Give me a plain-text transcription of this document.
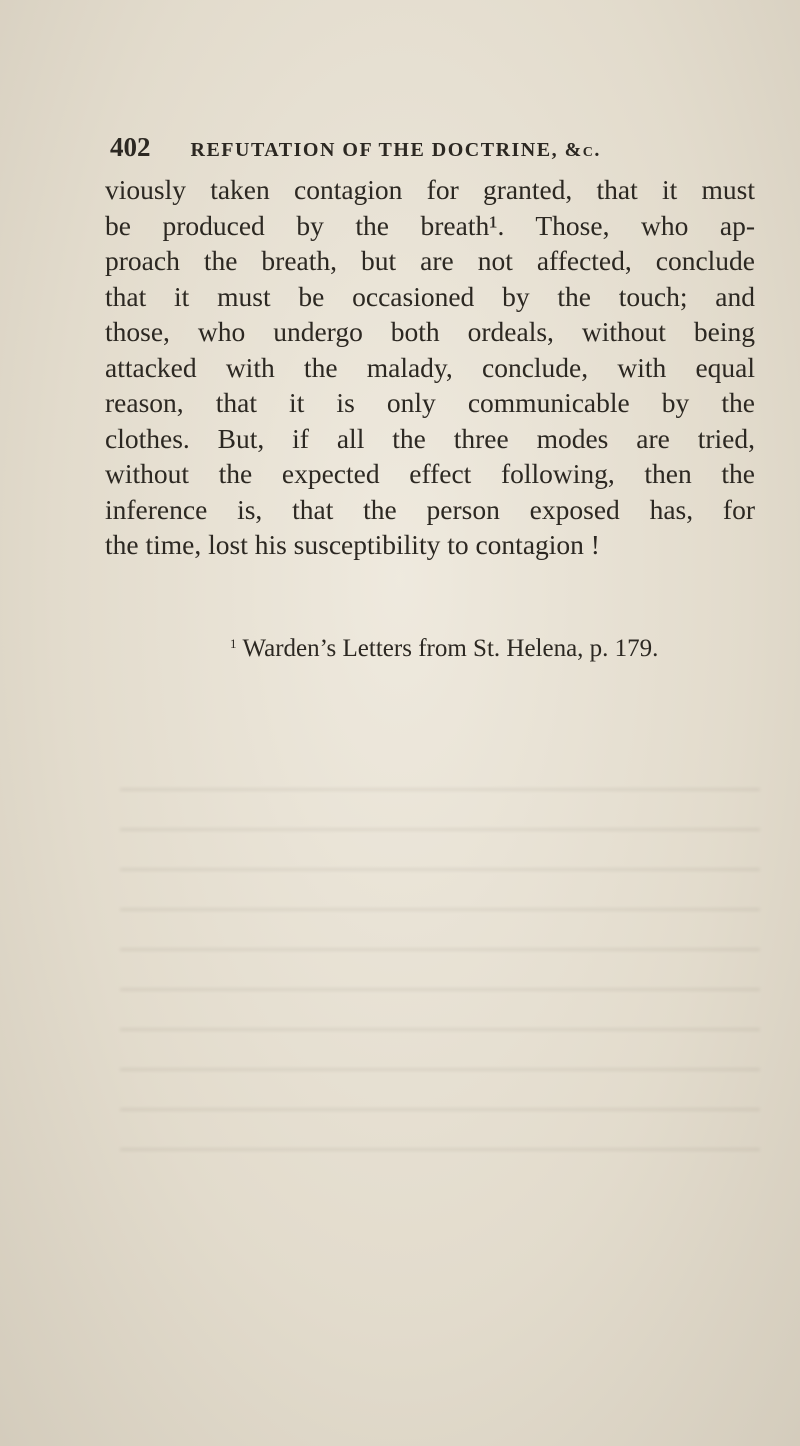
402 REFUTATION OF THE DOCTRINE, &c.
viously taken contagion for granted, that it must
be produced by the breath¹. Those, who ap-
proach the breath, but are not affected, conclude
that it must be occasioned by the touch; and
those, who undergo both ordeals, without being
attacked with the malady, conclude, with equal
reason, that it is only communicable by the
clothes. But, if all the three modes are tried,
without the expected effect following, then the
inference is, that the person exposed has, for
the time, lost his susceptibility to contagion !
$^1$ Warden’s Letters from St. Helena, p. 179.
